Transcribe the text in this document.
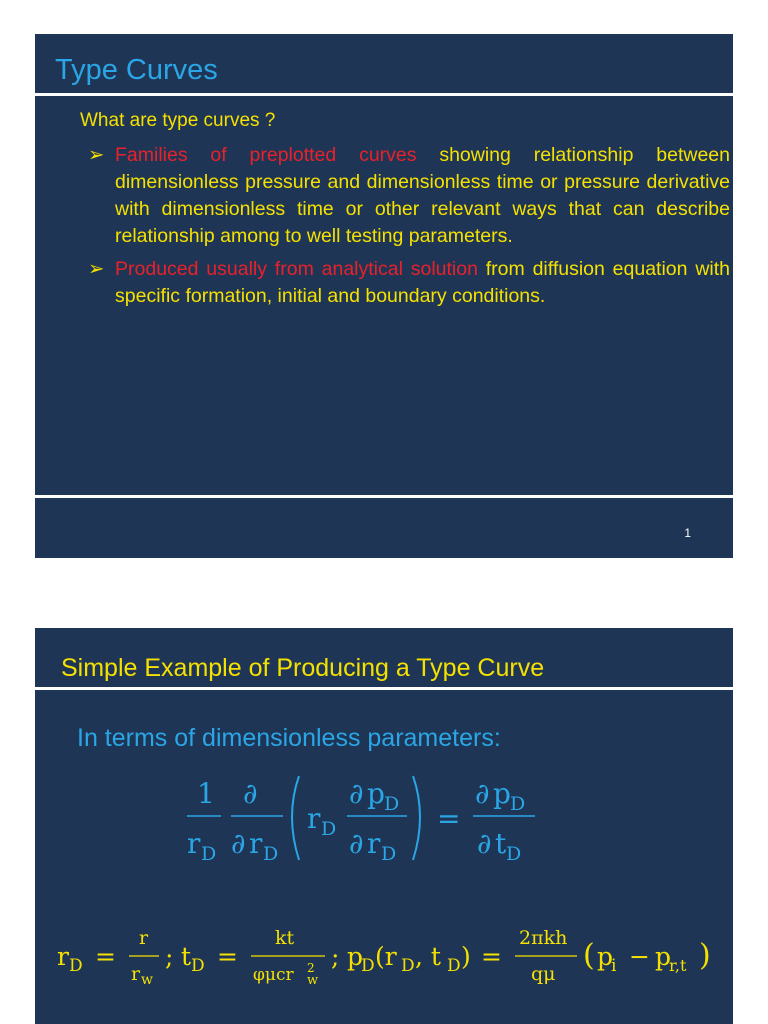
Type Curves
What are type curves ?
➢ Families of preplotted curves showing relationship between dimensionless pressure and dimensionless time or pressure derivative with dimensionless time or other relevant ways that can describe relationship among to well testing parameters.
➢ Produced usually from analytical solution from diffusion equation with specific formation, initial and boundary conditions.
1
Simple Example of Producing a Type Curve
In terms of dimensionless parameters:
1
r D
∂
∂ r D
r D
∂ p D
∂ r D
=
∂ p D
∂ t D
r D =
r
r w
; t D =
kt
φμcr 2
w
; p
D (r D , t D ) =
2πkh
qμ
( p
i − p
r,t )
